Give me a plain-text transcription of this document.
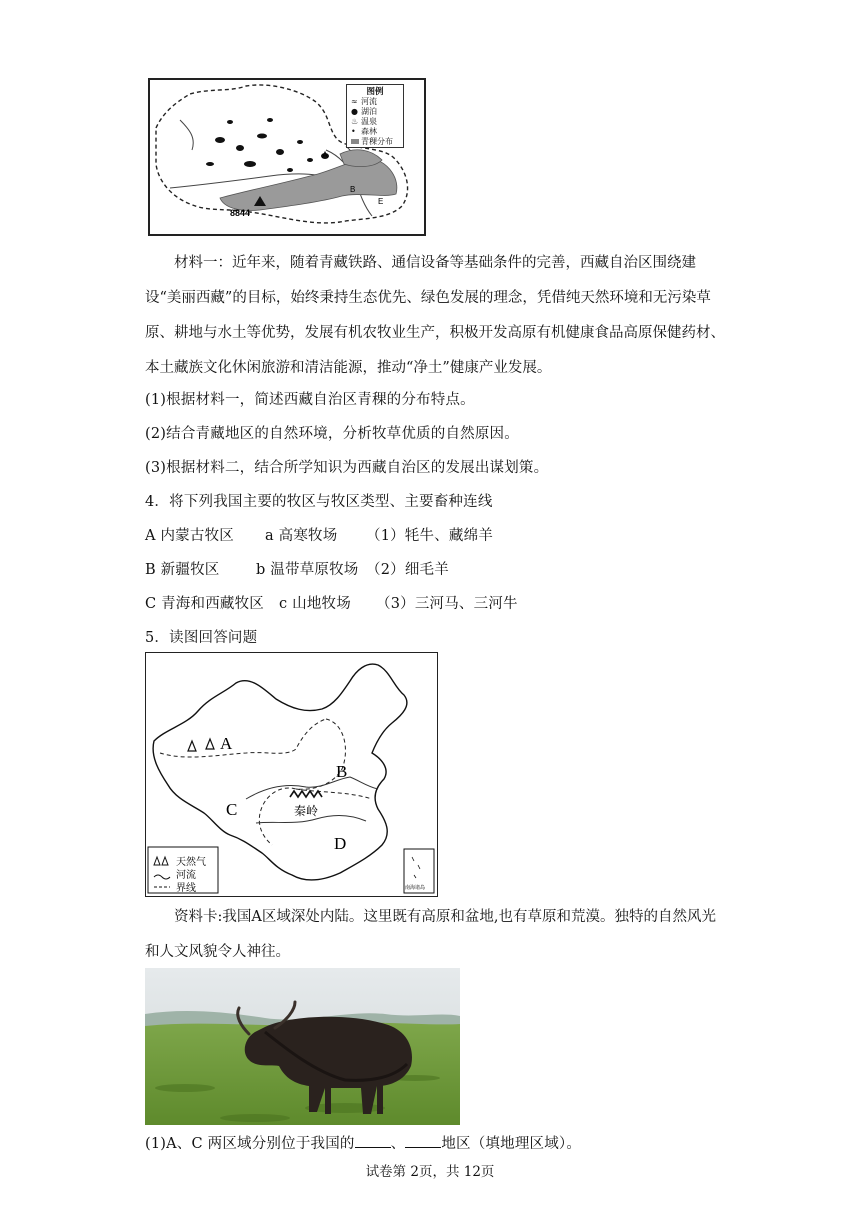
A
B
E
8844
图例
≈ 河流
● 湖泊
♨ 温泉
• 森林
青稞分布
材料一：近年来，随着青藏铁路、通信设备等基础条件的完善，西藏自治区围绕建设“美丽西藏”的目标，始终秉持生态优先、绿色发展的理念，凭借纯天然环境和无污染草原、耕地与水土等优势，发展有机农牧业生产，积极开发高原有机健康食品高原保健药材、本土藏族文化休闲旅游和清洁能源，推动“净土”健康产业发展。
(1)根据材料一，简述西藏自治区青稞的分布特点。
(2)结合青藏地区的自然环境，分析牧草优质的自然原因。
(3)根据材料二，结合所学知识为西藏自治区的发展出谋划策。
4．将下列我国主要的牧区与牧区类型、主要畜种连线
A 内蒙古牧区 a 高寒牧场 （1）牦牛、藏绵羊
B 新疆牧区	b 温带草原牧场 （2）细毛羊
C 青海和西藏牧区 c 山地牧场 （3）三河马、三河牛
5．读图回答问题
A
B
C
D
秦岭
天然气
河流
界线	南海诸岛
资料卡:我国A区域深处内陆。这里既有高原和盆地,也有草原和荒漠。独特的自然风光和人文风貌令人神往。
(1)A、C 两区域分别位于我国的 、 地区（填地理区域）。
试卷第 2页，共 12页
